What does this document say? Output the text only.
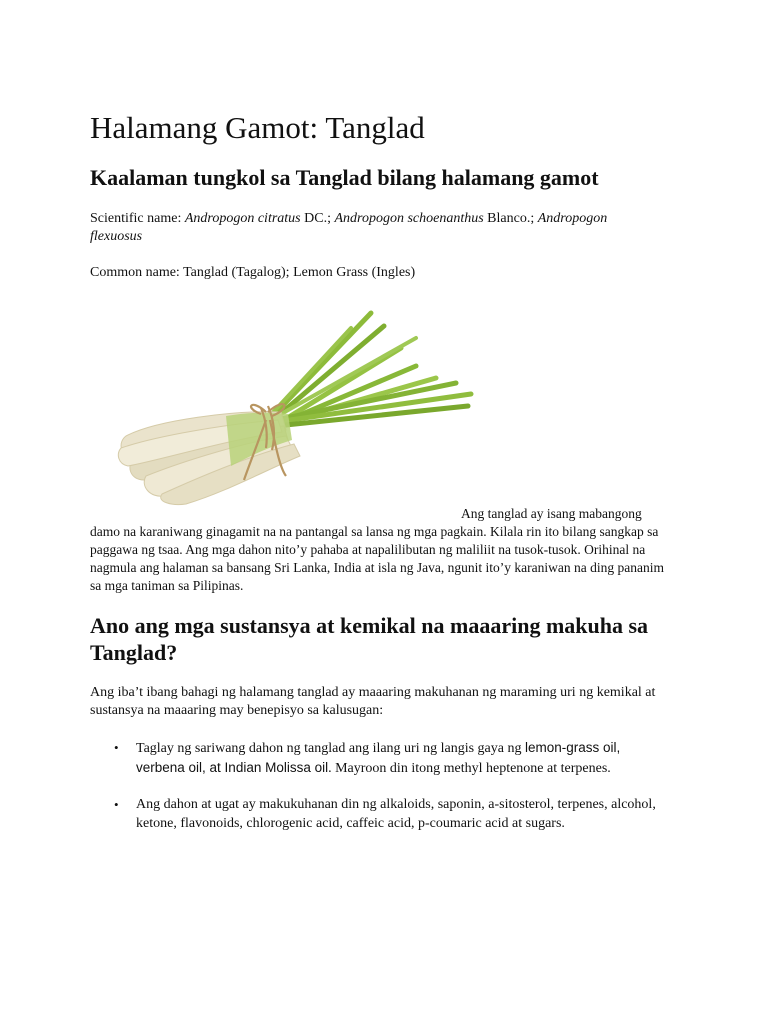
Halamang Gamot: Tanglad
Kaalaman tungkol sa Tanglad bilang halamang gamot

Scientific name: Andropogon citratus DC.; Andropogon schoenanthus Blanco.; Andropogon flexuosus

Common name: Tanglad (Tagalog); Lemon Grass (Ingles)

Ang tanglad ay isang mabangong
damo na karaniwang ginagamit na na pantangal sa lansa ng mga pagkain. Kilala rin ito bilang sangkap sa paggawa ng tsaa. Ang mga dahon nito’y pahaba at napalilibutan ng maliliit na tusok-tusok. Orihinal na nagmula ang halaman sa bansang Sri Lanka, India at isla ng Java, ngunit ito’y karaniwan na ding pananim sa mga taniman sa Pilipinas.

Ano ang mga sustansya at kemikal na maaaring makuha sa Tanglad?

Ang iba’t ibang bahagi ng halamang tanglad ay maaaring makuhanan ng maraming uri ng kemikal at sustansya na maaaring may benepisyo sa kalusugan:

• Taglay ng sariwang dahon ng tanglad ang ilang uri ng langis gaya ng lemon-grass oil, verbena oil, at Indian Molissa oil. Mayroon din itong methyl heptenone at terpenes.
• Ang dahon at ugat ay makukuhanan din ng alkaloids, saponin, a-sitosterol, terpenes, alcohol, ketone, flavonoids, chlorogenic acid, caffeic acid, p-coumaric acid at sugars.
